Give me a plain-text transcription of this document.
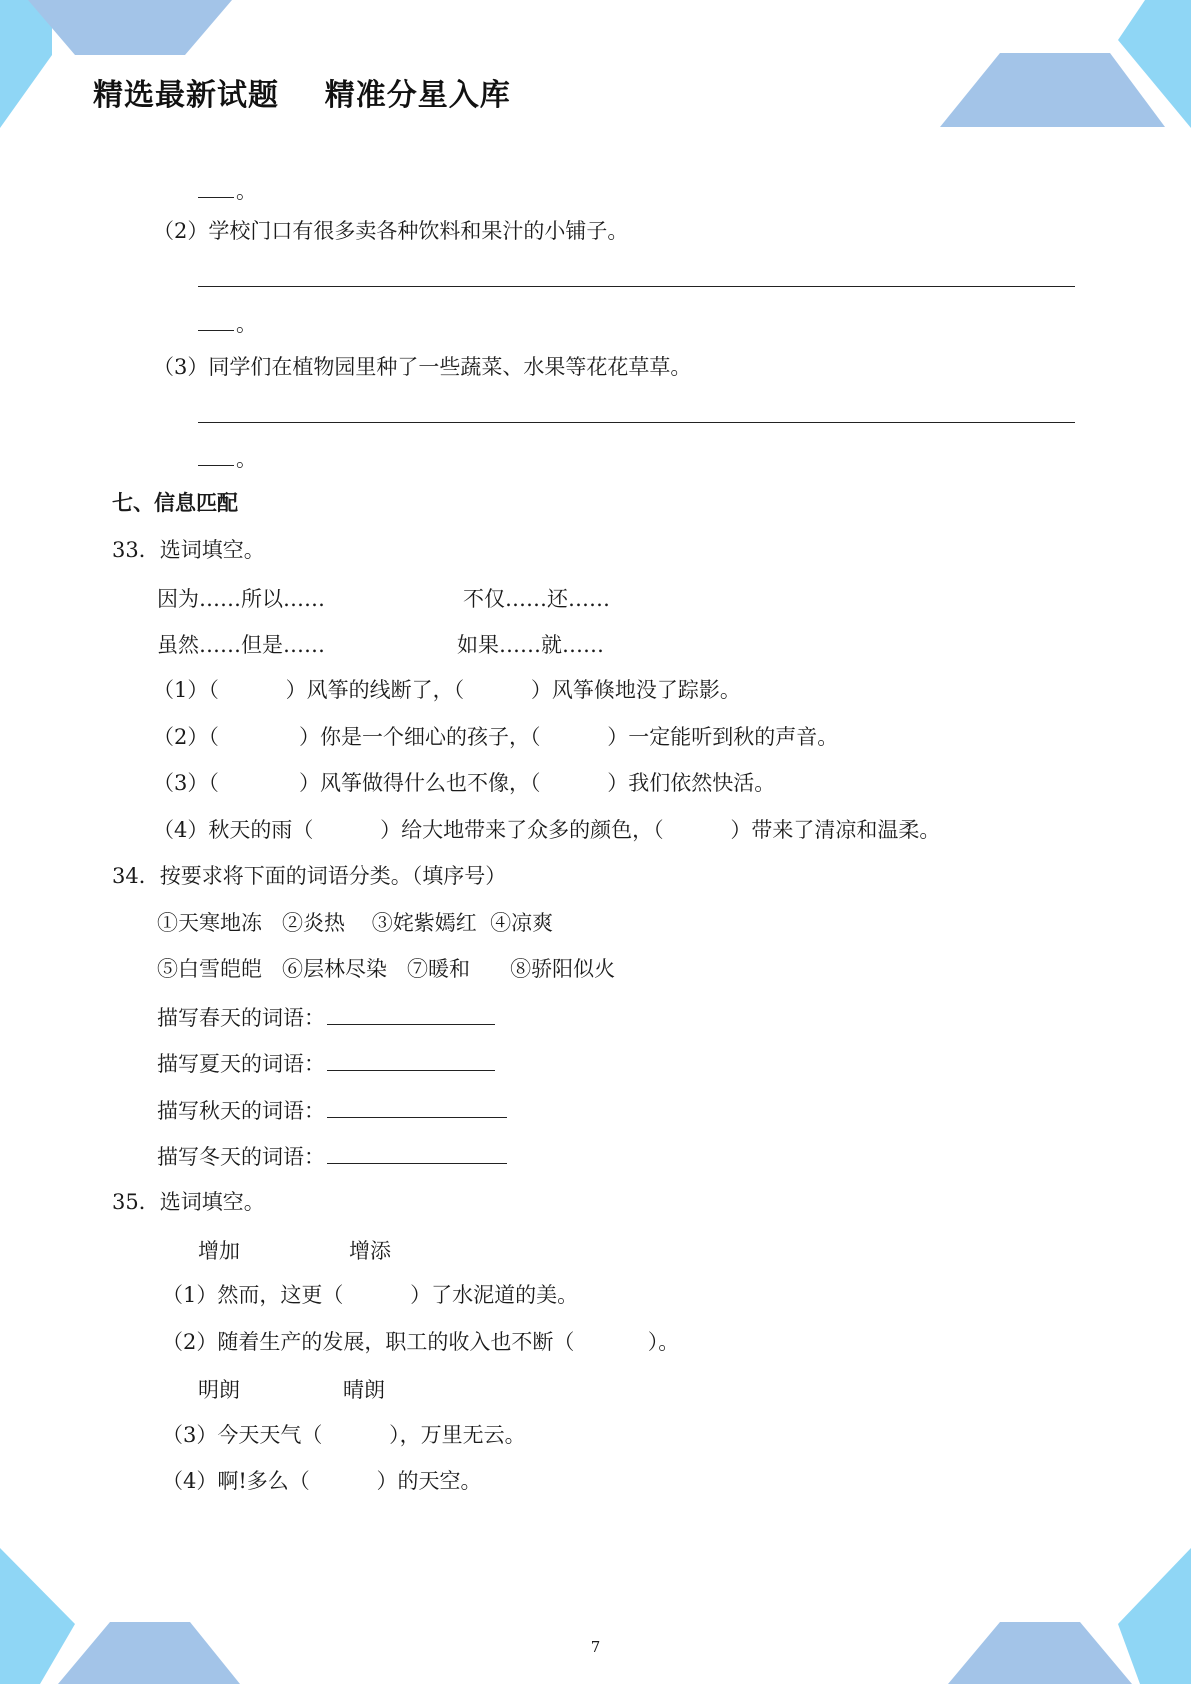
精选最新试题    精准分星入库
。
（2）学校门口有很多卖各种饮料和果汁的小铺子。
。
（3）同学们在植物园里种了一些蔬菜、水果等花花草草。
。
七、信息匹配
33．选词填空。
因为……所以……	不仅……还……
虽然……但是……	如果……就……
（1）（          ）风筝的线断了，（          ）风筝倏地没了踪影。
（2）（            ）你是一个细心的孩子，（          ）一定能听到秋的声音。
（3）（            ）风筝做得什么也不像，（          ）我们依然快活。
（4）秋天的雨（          ）给大地带来了众多的颜色，（          ）带来了清凉和温柔。
34．按要求将下面的词语分类。（填序号）
①天寒地冻   ②炎热    ③姹紫嫣红  ④凉爽
⑤白雪皑皑   ⑥层林尽染   ⑦暖和      ⑧骄阳似火
描写春天的词语：
描写夏天的词语：
描写秋天的词语：
描写冬天的词语：
35．选词填空。
增加	增添
（1）然而，这更（          ）了水泥道的美。
（2）随着生产的发展，职工的收入也不断（           ）。
明朗	晴朗
（3）今天天气（          ），万里无云。
（4）啊!多么（          ）的天空。
7
